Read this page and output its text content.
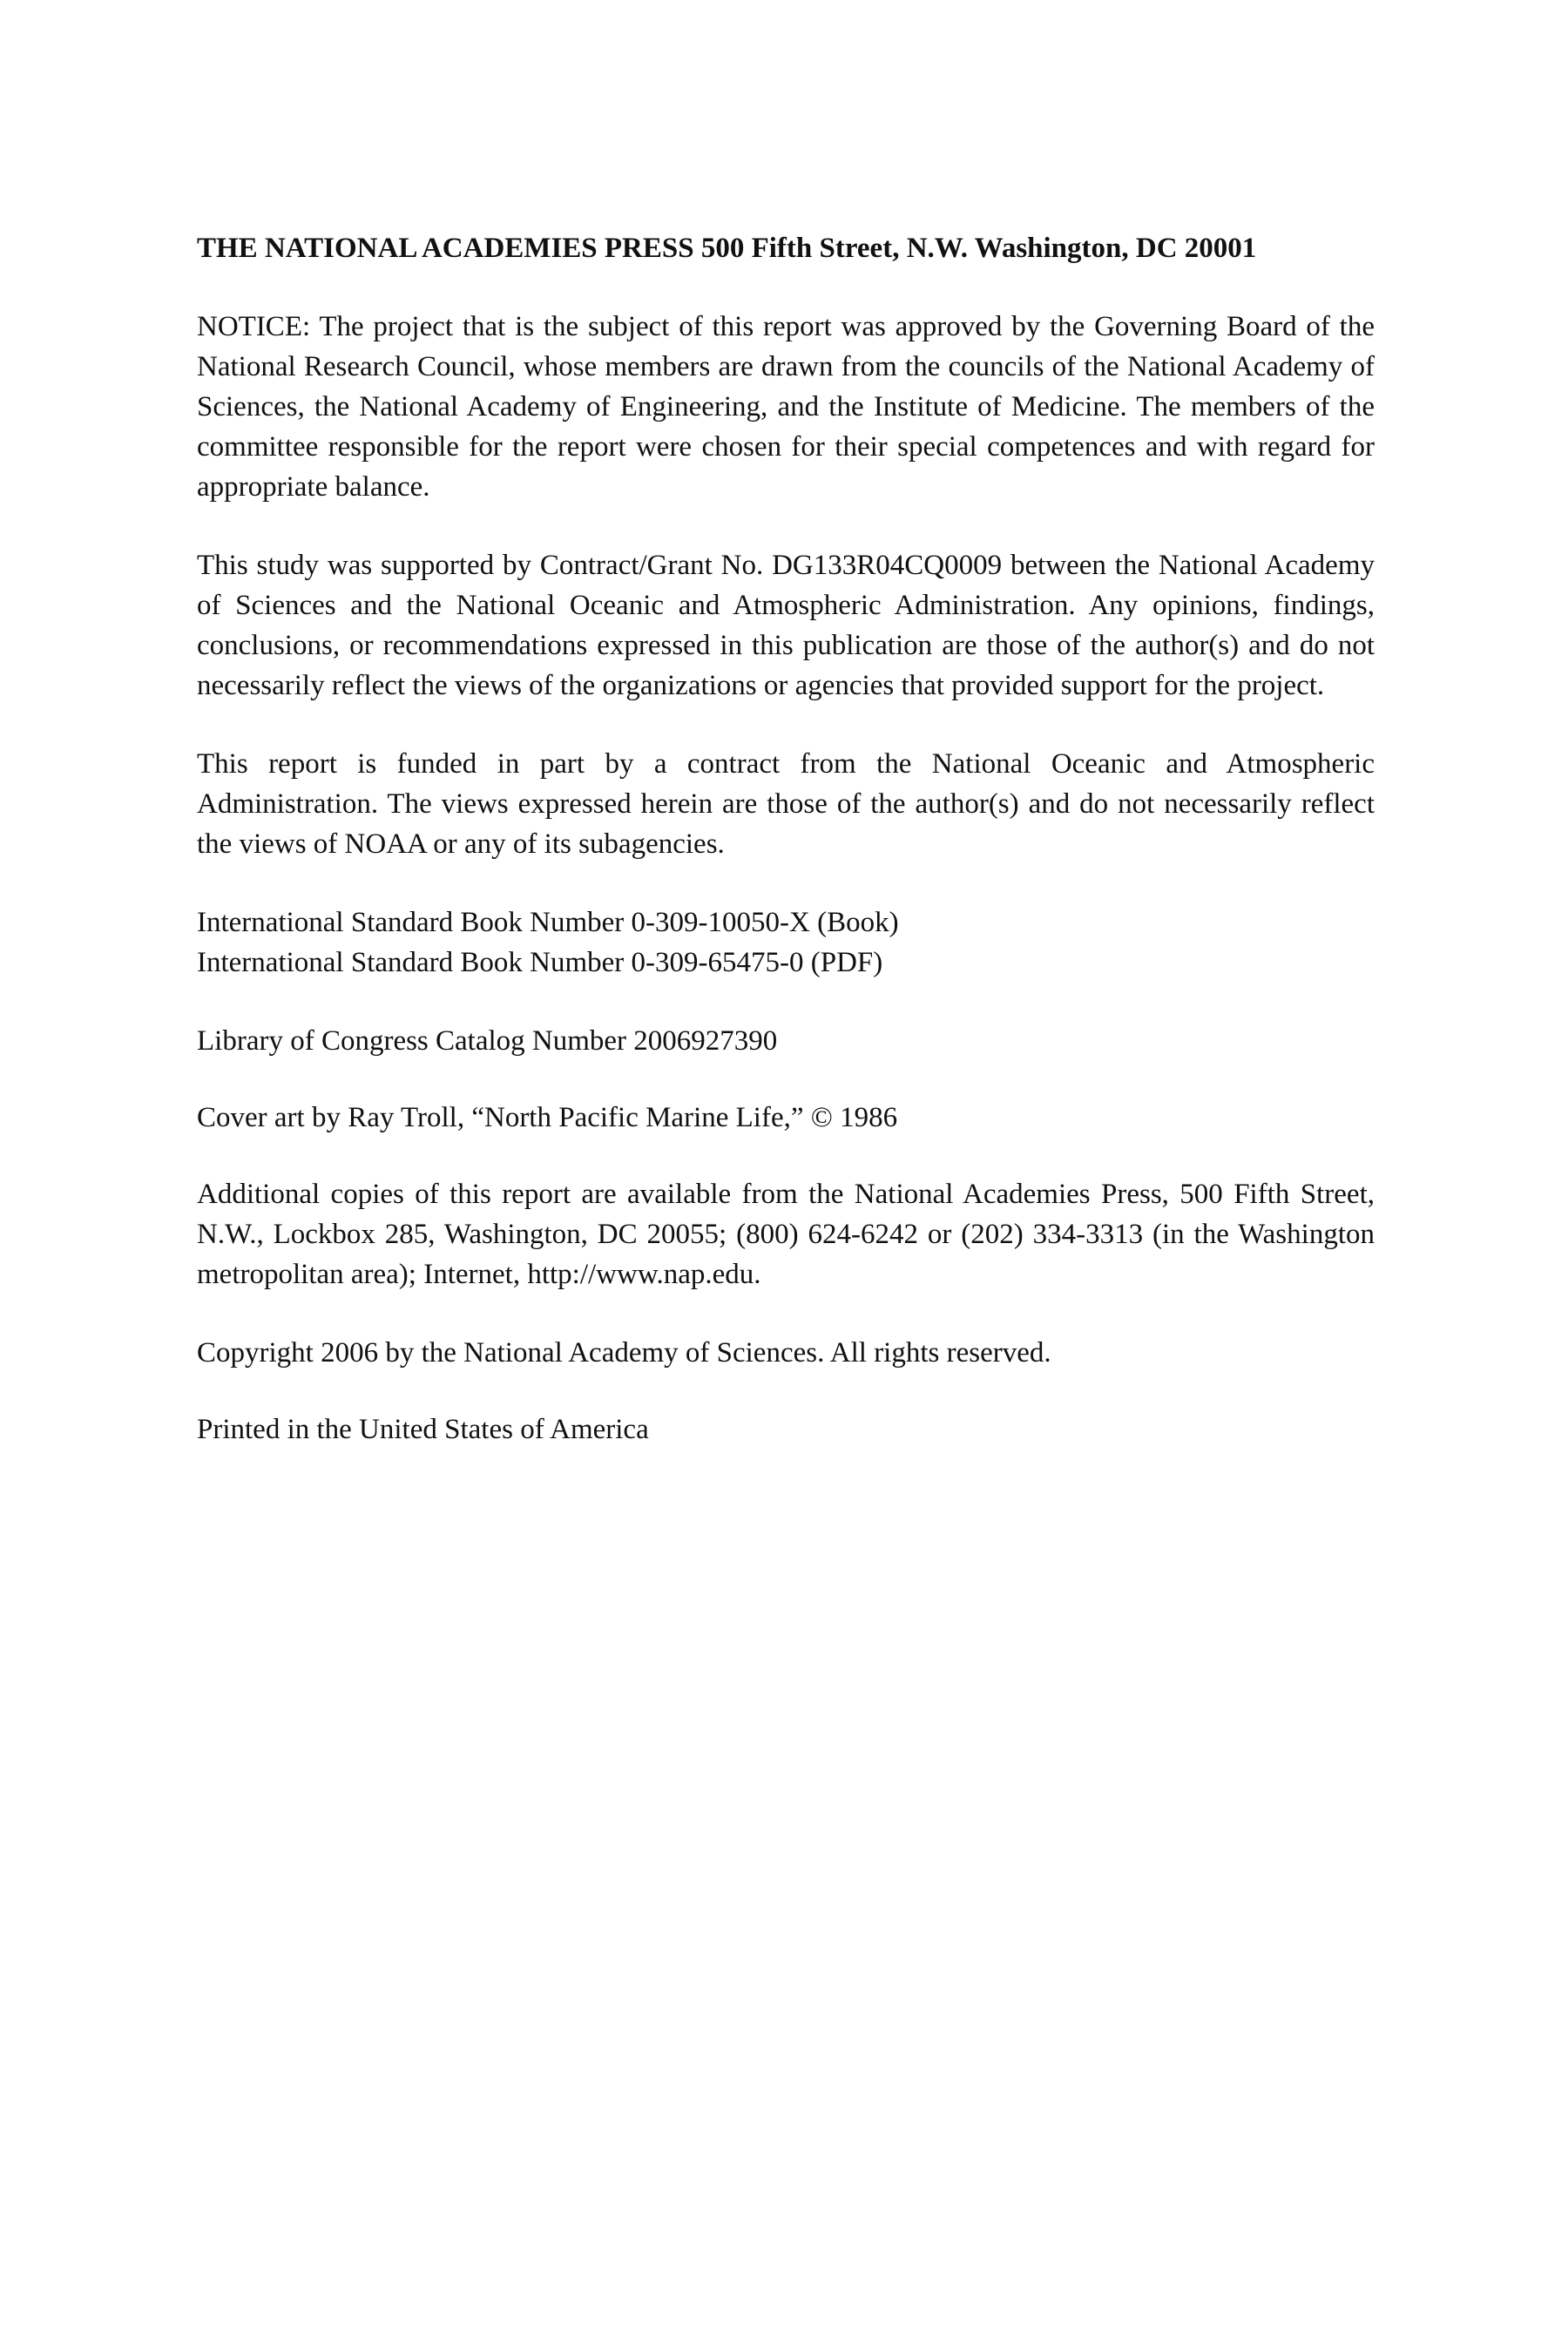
THE NATIONAL ACADEMIES PRESS 500 Fifth Street, N.W. Washington, DC 20001

NOTICE: The project that is the subject of this report was approved by the Governing Board of the National Research Council, whose members are drawn from the councils of the National Academy of Sciences, the National Academy of Engineering, and the Institute of Medicine. The members of the committee responsible for the report were chosen for their special competences and with regard for appropriate balance.

This study was supported by Contract/Grant No. DG133R04CQ0009 between the National Academy of Sciences and the National Oceanic and Atmospheric Administration. Any opinions, findings, conclusions, or recommendations expressed in this publication are those of the author(s) and do not necessarily reflect the views of the organizations or agencies that provided support for the project.

This report is funded in part by a contract from the National Oceanic and Atmospheric Administration. The views expressed herein are those of the author(s) and do not necessarily reflect the views of NOAA or any of its subagencies.

International Standard Book Number 0-309-10050-X (Book)
International Standard Book Number 0-309-65475-0 (PDF)

Library of Congress Catalog Number 2006927390

Cover art by Ray Troll, “North Pacific Marine Life,” © 1986

Additional copies of this report are available from the National Academies Press, 500 Fifth Street, N.W., Lockbox 285, Washington, DC 20055; (800) 624-6242 or (202) 334-3313 (in the Washington metropolitan area); Internet, http://www.nap.edu.

Copyright 2006 by the National Academy of Sciences. All rights reserved.

Printed in the United States of America
